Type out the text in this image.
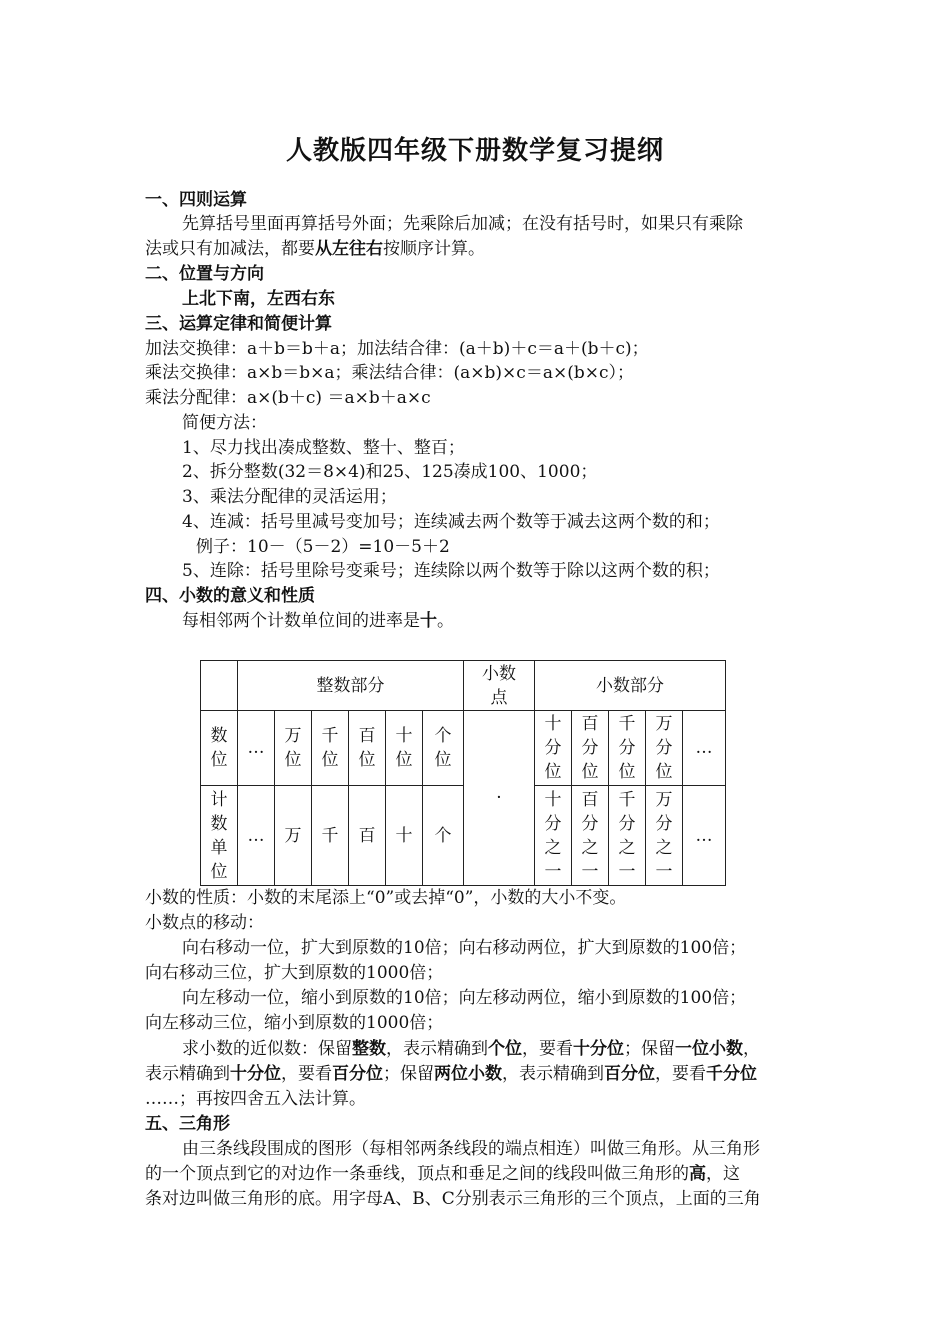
人教版四年级下册数学复习提纲
一、四则运算
先算括号里面再算括号外面；先乘除后加减；在没有括号时，如果只有乘除
法或只有加减法，都要从左往右按顺序计算。
二、位置与方向
上北下南，左西右东
三、运算定律和简便计算
加法交换律：a＋b＝b＋a；加法结合律：(a＋b)＋c＝a＋(b＋c)；
乘法交换律：a×b＝b×a；乘法结合律：(a×b)×c＝a×(b×c）；
乘法分配律：a×(b＋c) ＝a×b＋a×c
简便方法：
1、尽力找出凑成整数、整十、整百；
2、拆分整数(32＝8×4)和25、125凑成100、1000；
3、乘法分配律的灵活运用；
4、连减：括号里减号变加号；连续减去两个数等于减去这两个数的和；
例子：10－（5－2）=10－5＋2
5、连除：括号里除号变乘号；连续除以两个数等于除以这两个数的积；
四、小数的意义和性质
每相邻两个计数单位间的进率是十。
	整数部分						小数点	小数部分				
数位	…	万位	千位	百位	十位	个位	·	十分位	百分位	千分位	万分位	…
计数单位	…	万	千	百	十	个		十分之一	百分之一	千分之一	万分之一	…
小数的性质：小数的末尾添上“0”或去掉“0”，小数的大小不变。
小数点的移动：
向右移动一位，扩大到原数的10倍；向右移动两位，扩大到原数的100倍；
向右移动三位，扩大到原数的1000倍；
向左移动一位，缩小到原数的10倍；向左移动两位，缩小到原数的100倍；
向左移动三位，缩小到原数的1000倍；
求小数的近似数：保留整数，表示精确到个位，要看十分位；保留一位小数，
表示精确到十分位，要看百分位；保留两位小数，表示精确到百分位，要看千分位
……；再按四舍五入法计算。
五、三角形
由三条线段围成的图形（每相邻两条线段的端点相连）叫做三角形。从三角形
的一个顶点到它的对边作一条垂线，顶点和垂足之间的线段叫做三角形的高，这
条对边叫做三角形的底。用字母A、B、C分别表示三角形的三个顶点，上面的三角
